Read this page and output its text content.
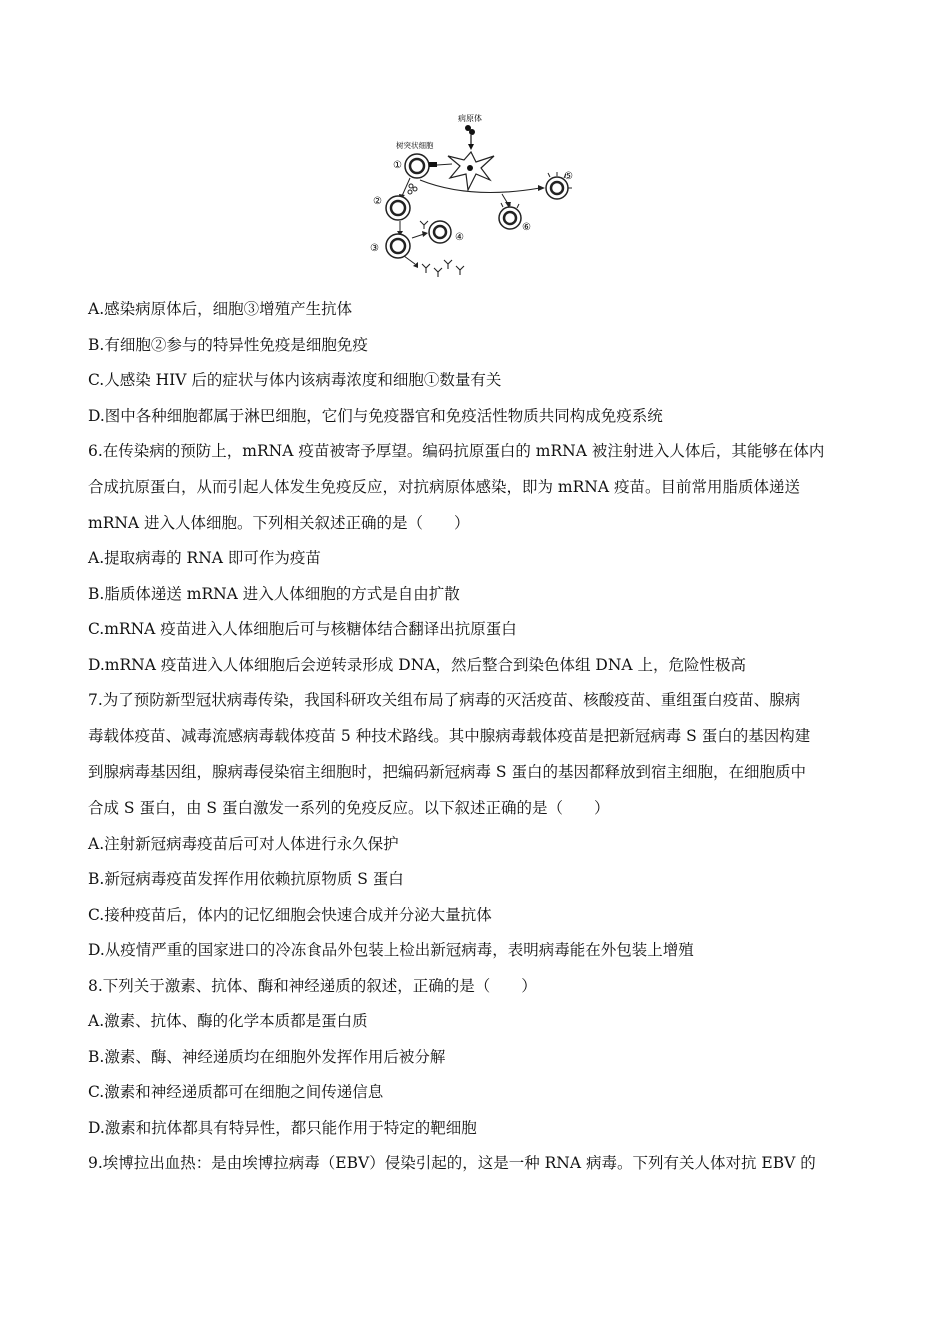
病原体
树突状细胞
①
②
③
④
⑤
⑥

A.感染病原体后，细胞③增殖产生抗体

B.有细胞②参与的特异性免疫是细胞免疫

C.人感染 HIV 后的症状与体内该病毒浓度和细胞①数量有关

D.图中各种细胞都属于淋巴细胞，它们与免疫器官和免疫活性物质共同构成免疫系统

6.在传染病的预防上，mRNA 疫苗被寄予厚望。编码抗原蛋白的 mRNA 被注射进入人体后，其能够在体内

合成抗原蛋白，从而引起人体发生免疫反应，对抗病原体感染，即为 mRNA 疫苗。目前常用脂质体递送

mRNA 进入人体细胞。下列相关叙述正确的是（　　）

A.提取病毒的 RNA 即可作为疫苗

B.脂质体递送 mRNA 进入人体细胞的方式是自由扩散

C.mRNA 疫苗进入人体细胞后可与核糖体结合翻译出抗原蛋白

D.mRNA 疫苗进入人体细胞后会逆转录形成 DNA，然后整合到染色体组 DNA 上，危险性极高

7.为了预防新型冠状病毒传染，我国科研攻关组布局了病毒的灭活疫苗、核酸疫苗、重组蛋白疫苗、腺病

毒载体疫苗、减毒流感病毒载体疫苗 5 种技术路线。其中腺病毒载体疫苗是把新冠病毒 S 蛋白的基因构建

到腺病毒基因组，腺病毒侵染宿主细胞时，把编码新冠病毒 S 蛋白的基因都释放到宿主细胞，在细胞质中

合成 S 蛋白，由 S 蛋白激发一系列的免疫反应。以下叙述正确的是（　　）

A.注射新冠病毒疫苗后可对人体进行永久保护

B.新冠病毒疫苗发挥作用依赖抗原物质 S 蛋白

C.接种疫苗后，体内的记忆细胞会快速合成并分泌大量抗体

D.从疫情严重的国家进口的冷冻食品外包装上检出新冠病毒，表明病毒能在外包装上增殖

8.下列关于激素、抗体、酶和神经递质的叙述，正确的是（　　）

A.激素、抗体、酶的化学本质都是蛋白质

B.激素、酶、神经递质均在细胞外发挥作用后被分解

C.激素和神经递质都可在细胞之间传递信息

D.激素和抗体都具有特异性，都只能作用于特定的靶细胞

9.埃博拉出血热：是由埃博拉病毒（EBV）侵染引起的，这是一种 RNA 病毒。下列有关人体对抗 EBV 的
